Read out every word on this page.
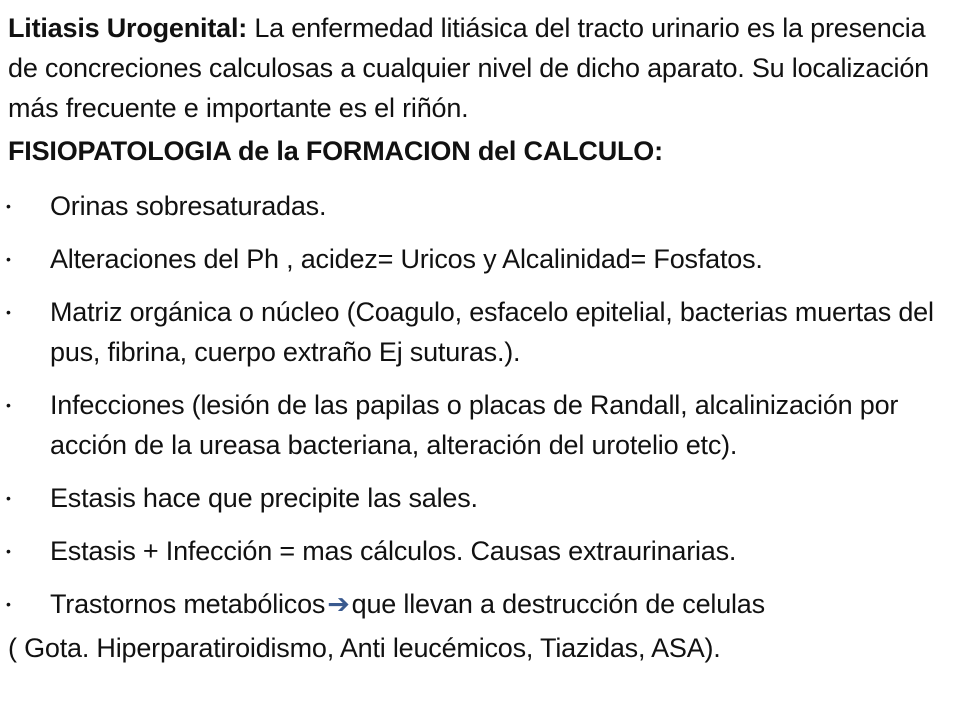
Litiasis Urogenital: La enfermedad litiásica del tracto urinario es la presencia de concreciones calculosas a cualquier nivel de dicho aparato. Su localización más frecuente e importante es el riñón.

FISIOPATOLOGIA de la FORMACION del CALCULO:
• Orinas sobresaturadas.
• Alteraciones del Ph , acidez= Uricos y Alcalinidad= Fosfatos.
• Matriz orgánica o núcleo (Coagulo, esfacelo epitelial, bacterias muertas del pus, fibrina, cuerpo extraño Ej suturas.).
• Infecciones (lesión de las papilas o placas de Randall, alcalinización por acción de la ureasa bacteriana, alteración del urotelio etc).
• Estasis hace que precipite las sales.
• Estasis + Infección = mas cálculos. Causas extraurinarias.
• Trastornos metabólicos➔que llevan a destrucción de celulas
( Gota. Hiperparatiroidismo, Anti leucémicos, Tiazidas, ASA).
